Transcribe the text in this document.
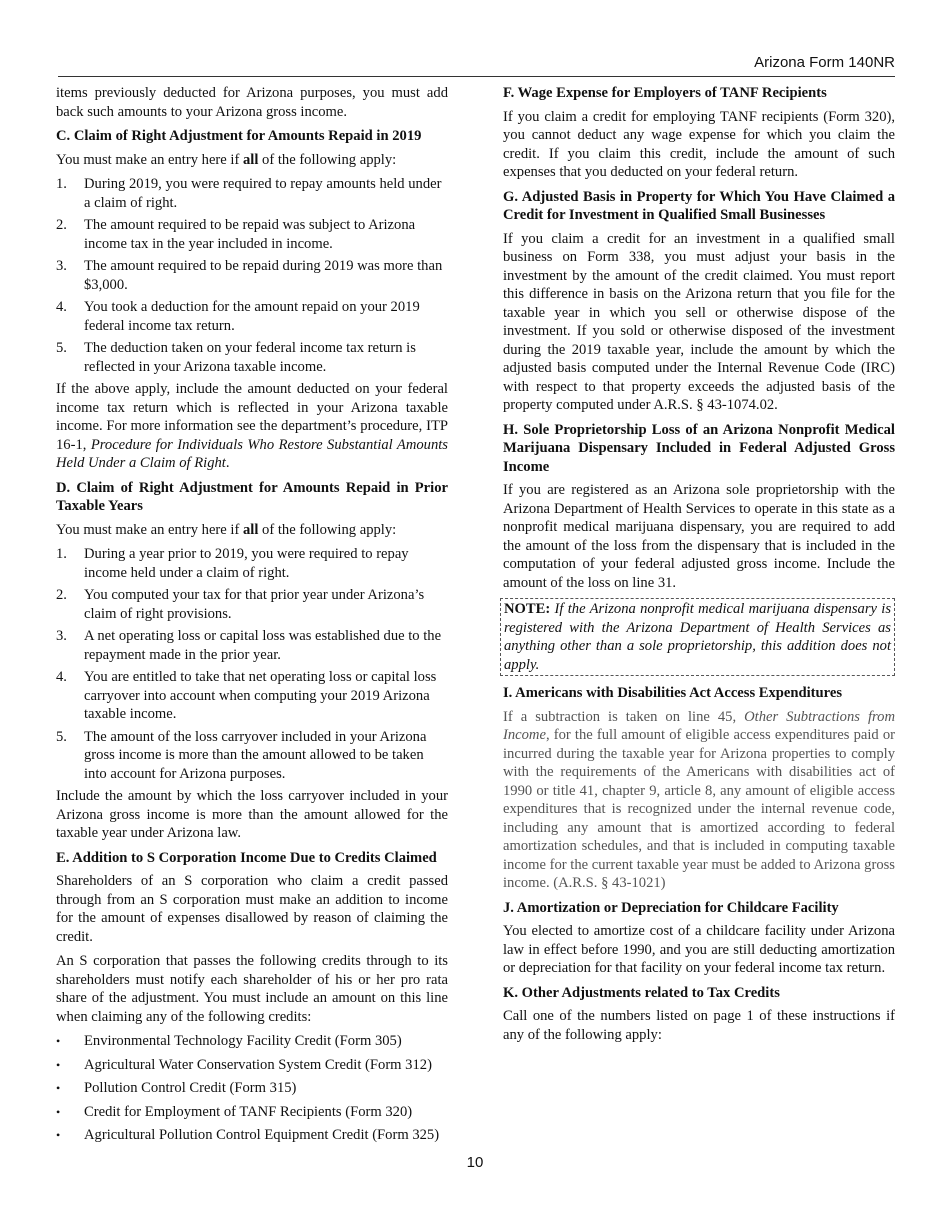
Arizona Form 140NR

items previously deducted for Arizona purposes, you must add back such amounts to your Arizona gross income.

C. Claim of Right Adjustment for Amounts Repaid in 2019

You must make an entry here if all of the following apply:

1.	During 2019, you were required to repay amounts held under a claim of right.
2.	The amount required to be repaid was subject to Arizona income tax in the year included in income.
3.	The amount required to be repaid during 2019 was more than $3,000.
4.	You took a deduction for the amount repaid on your 2019 federal income tax return.
5.	The deduction taken on your federal income tax return is reflected in your Arizona taxable income.

If the above apply, include the amount deducted on your federal income tax return which is reflected in your Arizona taxable income. For more information see the department’s procedure, ITP 16-1, Procedure for Individuals Who Restore Substantial Amounts Held Under a Claim of Right.

D. Claim of Right Adjustment for Amounts Repaid in Prior Taxable Years

You must make an entry here if all of the following apply:

1.	During a year prior to 2019, you were required to repay income held under a claim of right.
2.	You computed your tax for that prior year under Arizona’s claim of right provisions.
3.	A net operating loss or capital loss was established due to the repayment made in the prior year.
4.	You are entitled to take that net operating loss or capital loss carryover into account when computing your 2019 Arizona taxable income.
5.	The amount of the loss carryover included in your Arizona gross income is more than the amount allowed to be taken into account for Arizona purposes.

Include the amount by which the loss carryover included in your Arizona gross income is more than the amount allowed for the taxable year under Arizona law.

E. Addition to S Corporation Income Due to Credits Claimed

Shareholders of an S corporation who claim a credit passed through from an S corporation must make an addition to income for the amount of expenses disallowed by reason of claiming the credit.

An S corporation that passes the following credits through to its shareholders must notify each shareholder of his or her pro rata share of the adjustment. You must include an amount on this line when claiming any of the following credits:

•	Environmental Technology Facility Credit (Form 305)
•	Agricultural Water Conservation System Credit (Form 312)
•	Pollution Control Credit (Form 315)
•	Credit for Employment of TANF Recipients (Form 320)
•	Agricultural Pollution Control Equipment Credit (Form 325)
F. Wage Expense for Employers of TANF Recipients

If you claim a credit for employing TANF recipients (Form 320), you cannot deduct any wage expense for which you claim the credit. If you claim this credit, include the amount of such expenses that you deducted on your federal return.

G. Adjusted Basis in Property for Which You Have Claimed a Credit for Investment in Qualified Small Businesses

If you claim a credit for an investment in a qualified small business on Form 338, you must adjust your basis in the investment by the amount of the credit claimed. You must report this difference in basis on the Arizona return that you file for the taxable year in which you sell or otherwise dispose of the investment. If you sold or otherwise disposed of the investment during the 2019 taxable year, include the amount by which the adjusted basis computed under the Internal Revenue Code (IRC) with respect to that property exceeds the adjusted basis of the property computed under A.R.S. § 43-1074.02.

H. Sole Proprietorship Loss of an Arizona Nonprofit Medical Marijuana Dispensary Included in Federal Adjusted Gross Income

If you are registered as an Arizona sole proprietorship with the Arizona Department of Health Services to operate in this state as a nonprofit medical marijuana dispensary, you are required to add the amount of the loss from the dispensary that is included in the computation of your federal adjusted gross income. Include the amount of the loss on line 31.

NOTE: If the Arizona nonprofit medical marijuana dispensary is registered with the Arizona Department of Health Services as anything other than a sole proprietorship, this addition does not apply.
I. Americans with Disabilities Act Access Expenditures

If a subtraction is taken on line 45, Other Subtractions from Income, for the full amount of eligible access expenditures paid or incurred during the taxable year for Arizona properties to comply with the requirements of the Americans with disabilities act of 1990 or title 41, chapter 9, article 8, any amount of eligible access expenditures that is recognized under the internal revenue code, including any amount that is amortized according to federal amortization schedules, and that is included in computing taxable income for the current taxable year must be added to Arizona gross income. (A.R.S. § 43-1021)

J. Amortization or Depreciation for Childcare Facility

You elected to amortize cost of a childcare facility under Arizona law in effect before 1990, and you are still deducting amortization or depreciation for that facility on your federal income tax return.

K. Other Adjustments related to Tax Credits

Call one of the numbers listed on page 1 of these instructions if any of the following apply:

10
